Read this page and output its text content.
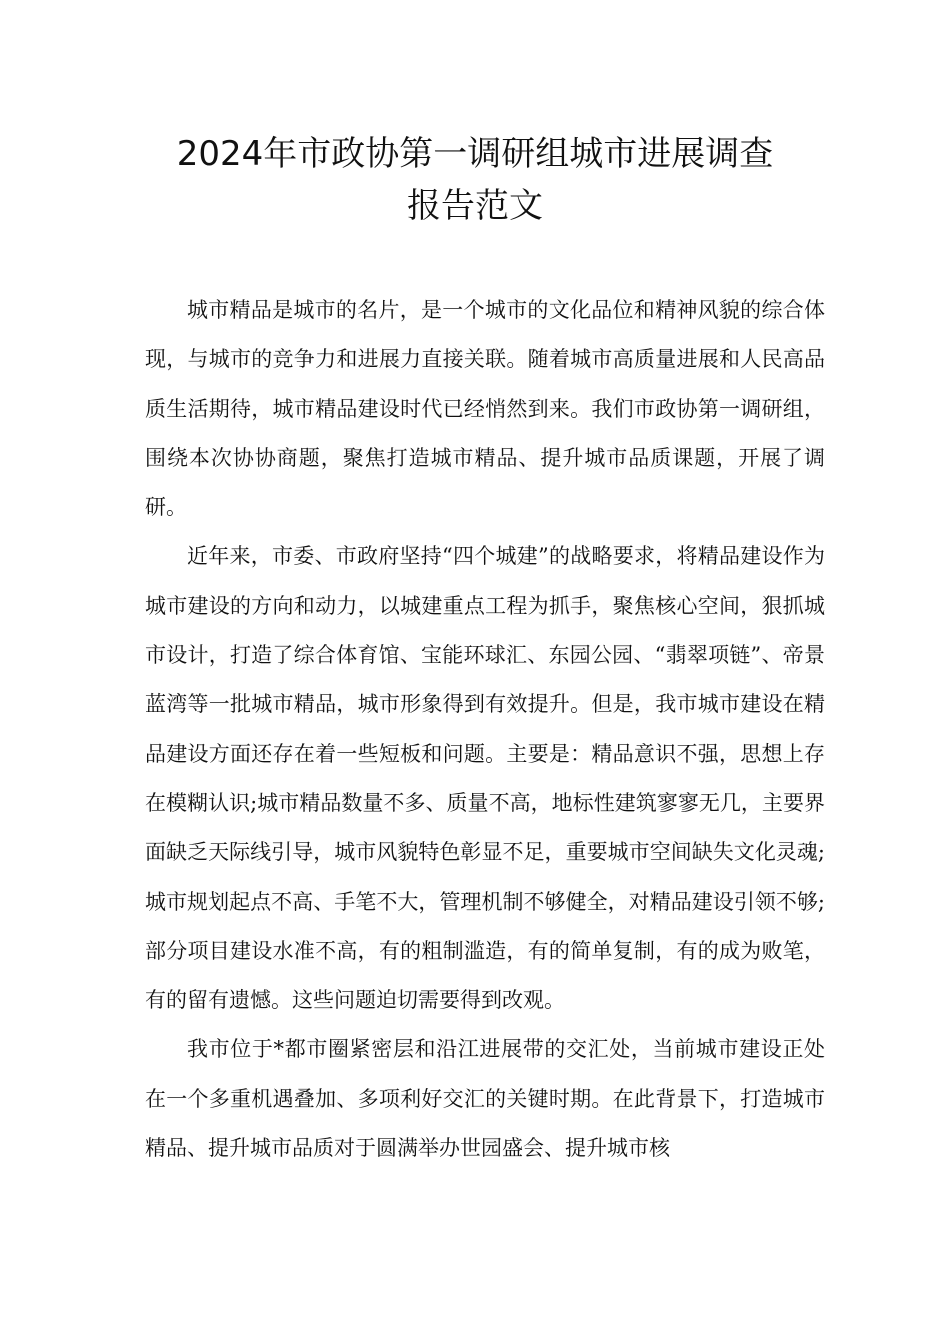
2024年市政协第一调研组城市进展调查
报告范文

城市精品是城市的名片，是一个城市的文化品位和精神风貌的综合体现，与城市的竞争力和进展力直接关联。随着城市高质量进展和人民高品质生活期待，城市精品建设时代已经悄然到来。我们市政协第一调研组，围绕本次协协商题，聚焦打造城市精品、提升城市品质课题，开展了调研。

近年来，市委、市政府坚持“四个城建”的战略要求，将精品建设作为城市建设的方向和动力，以城建重点工程为抓手，聚焦核心空间，狠抓城市设计，打造了综合体育馆、宝能环球汇、东园公园、“翡翠项链”、帝景蓝湾等一批城市精品，城市形象得到有效提升。但是，我市城市建设在精品建设方面还存在着一些短板和问题。主要是：精品意识不强，思想上存在模糊认识;城市精品数量不多、质量不高，地标性建筑寥寥无几，主要界面缺乏天际线引导，城市风貌特色彰显不足，重要城市空间缺失文化灵魂;城市规划起点不高、手笔不大，管理机制不够健全，对精品建设引领不够;部分项目建设水准不高，有的粗制滥造，有的简单复制，有的成为败笔，有的留有遗憾。这些问题迫切需要得到改观。

我市位于*都市圈紧密层和沿江进展带的交汇处，当前城市建设正处在一个多重机遇叠加、多项利好交汇的关键时期。在此背景下，打造城市精品、提升城市品质对于圆满举办世园盛会、提升城市核
